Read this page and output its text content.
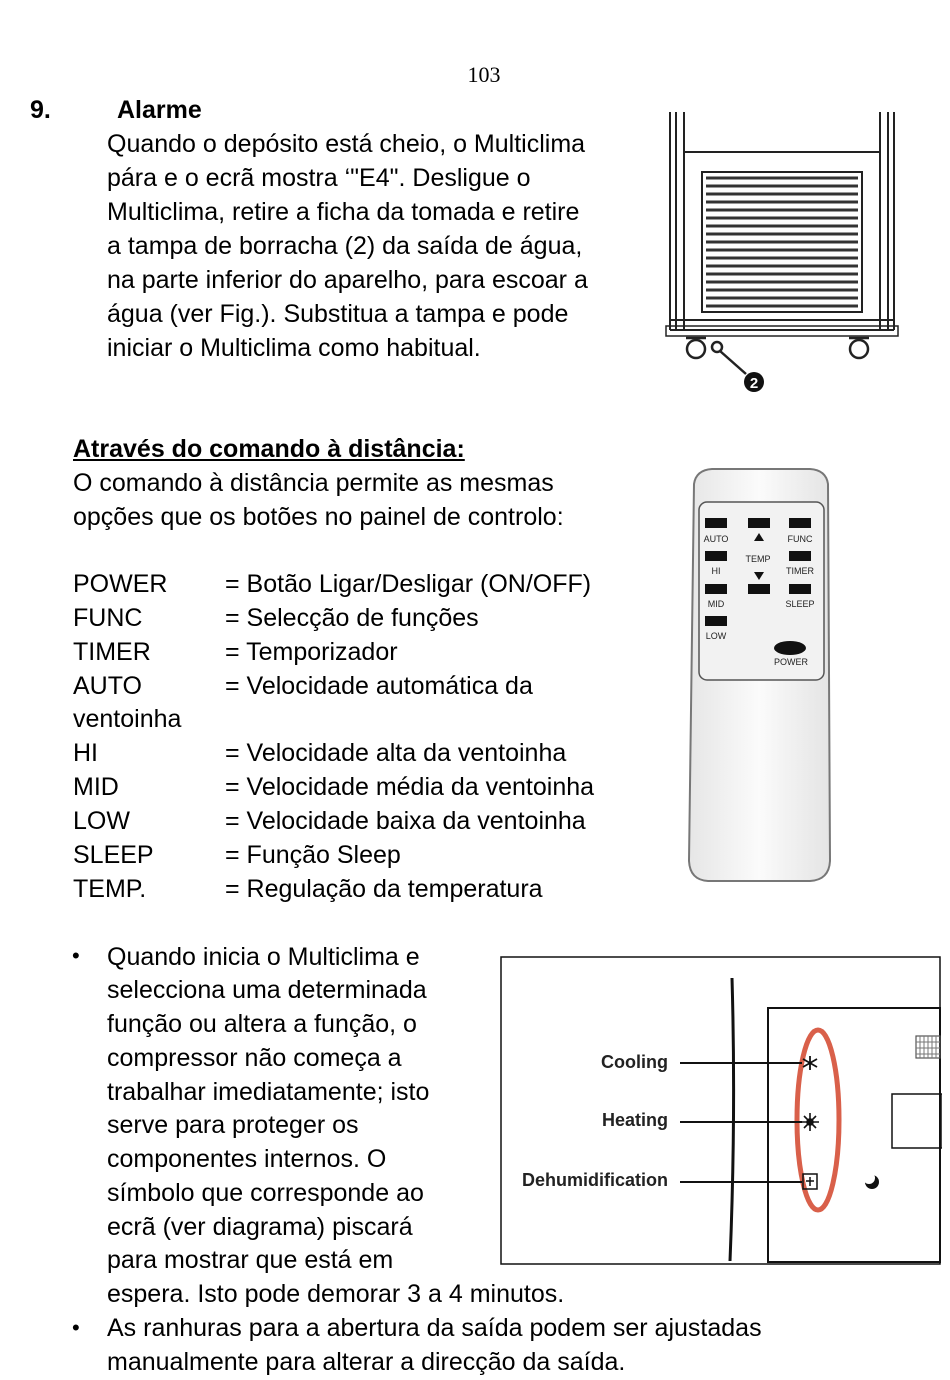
103
9.	Alarme
Quando o depósito está cheio, o Multiclima
pára e o ecrã mostra ‘"E4". Desligue o
Multiclima, retire a ficha da tomada e retire
a tampa de borracha (2) da saída de água,
na parte inferior do aparelho, para escoar a
água (ver Fig.). Substitua a tampa e pode
iniciar o Multiclima como habitual.
2
Através do comando à distância:
O comando à distância permite as mesmas
opções que os botões no painel de controlo:
POWER = Botão Ligar/Desligar (ON/OFF)
FUNC	= Selecção de funções
TIMER	= Temporizador
AUTO	= Velocidade automática da
ventoinha
HI	= Velocidade alta da ventoinha
MID	= Velocidade média da ventoinha
LOW	= Velocidade baixa da ventoinha
SLEEP	= Função Sleep
TEMP.	= Regulação da temperatura
AUTO	FUNC
TEMP
HI	TIMER
MID	SLEEP
LOW
POWER
• Quando inicia o Multiclima e
selecciona uma determinada
função ou altera a função, o
compressor não começa a
trabalhar imediatamente; isto
serve para proteger os
componentes internos. O
símbolo que corresponde ao
ecrã (ver diagrama) piscará
para mostrar que está em
espera. Isto pode demorar 3 a 4 minutos.
Cooling
Heating
Dehumidification
• As ranhuras para a abertura da saída podem ser ajustadas
manualmente para alterar a direcção da saída.
